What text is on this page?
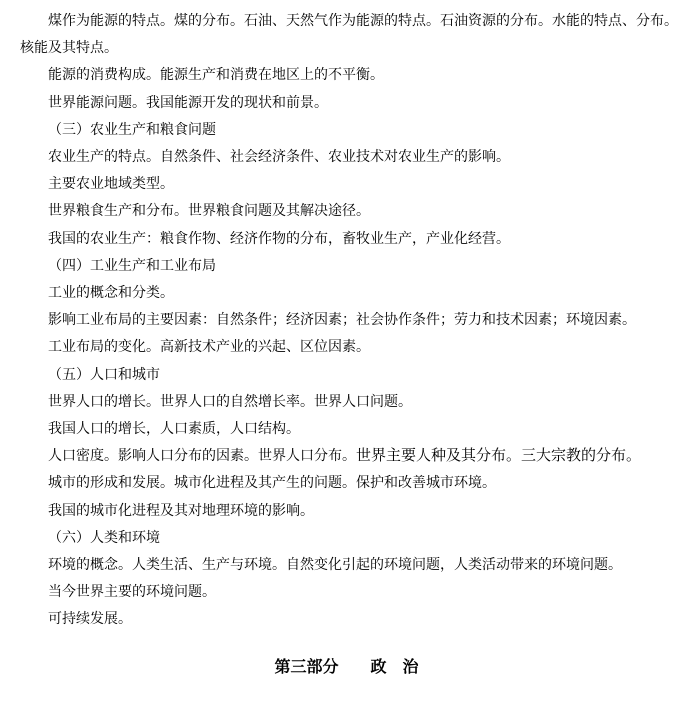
煤作为能源的特点。煤的分布。石油、天然气作为能源的特点。石油资源的分布。水能的特点、分布。
核能及其特点。
能源的消费构成。能源生产和消费在地区上的不平衡。
世界能源问题。我国能源开发的现状和前景。
（三）农业生产和粮食问题
农业生产的特点。自然条件、社会经济条件、农业技术对农业生产的影响。
主要农业地域类型。
世界粮食生产和分布。世界粮食问题及其解决途径。
我国的农业生产：粮食作物、经济作物的分布，畜牧业生产，产业化经营。
（四）工业生产和工业布局
工业的概念和分类。
影响工业布局的主要因素：自然条件；经济因素；社会协作条件；劳力和技术因素；环境因素。
工业布局的变化。高新技术产业的兴起、区位因素。
（五）人口和城市
世界人口的增长。世界人口的自然增长率。世界人口问题。
我国人口的增长，人口素质，人口结构。
人口密度。影响人口分布的因素。世界人口分布。世界主要人种及其分布。三大宗教的分布。
城市的形成和发展。城市化进程及其产生的问题。保护和改善城市环境。
我国的城市化进程及其对地理环境的影响。
（六）人类和环境
环境的概念。人类生活、生产与环境。自然变化引起的环境问题，人类活动带来的环境问题。
当今世界主要的环境问题。
可持续发展。
第三部分　　政　治
